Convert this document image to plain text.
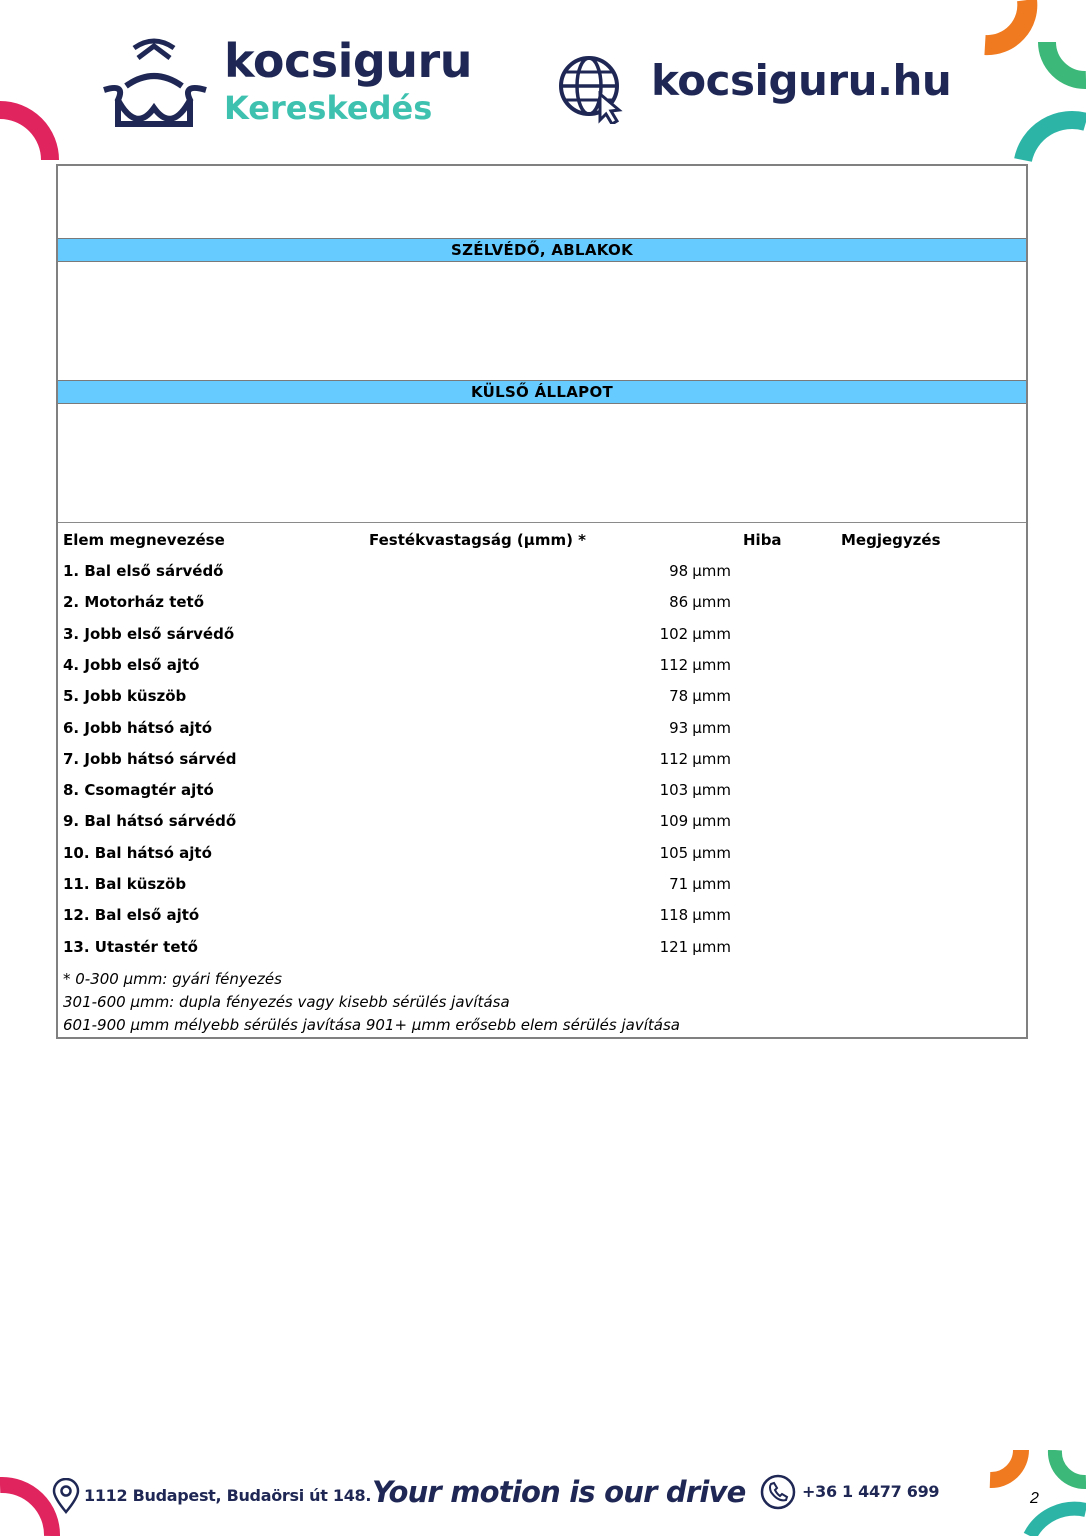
kocsiguru
Kereskedés
kocsiguru.hu
SZÉLVÉDŐ, ABLAKOK
KÜLSŐ ÁLLAPOT
Elem megnevezése	Festékvastagság (µmm) *	Hiba	Megjegyzés
1. Bal első sárvédő	98 µmm
2. Motorház tető	86 µmm
3. Jobb első sárvédő	102 µmm
4. Jobb első ajtó	112 µmm
5. Jobb küszöb	78 µmm
6. Jobb hátsó ajtó	93 µmm
7. Jobb hátsó sárvéd	112 µmm
8. Csomagtér ajtó	103 µmm
9. Bal hátsó sárvédő	109 µmm
10. Bal hátsó ajtó	105 µmm
11. Bal küszöb	71 µmm
12. Bal első ajtó	118 µmm
13. Utastér tető	121 µmm
* 0-300 µmm: gyári fényezés
301-600 µmm: dupla fényezés vagy kisebb sérülés javítása
601-900 µmm mélyebb sérülés javítása 901+ µmm erősebb elem sérülés javítása
1112 Budapest, Budaörsi út 148. Your motion is our drive	+36 1 4477 699	2
